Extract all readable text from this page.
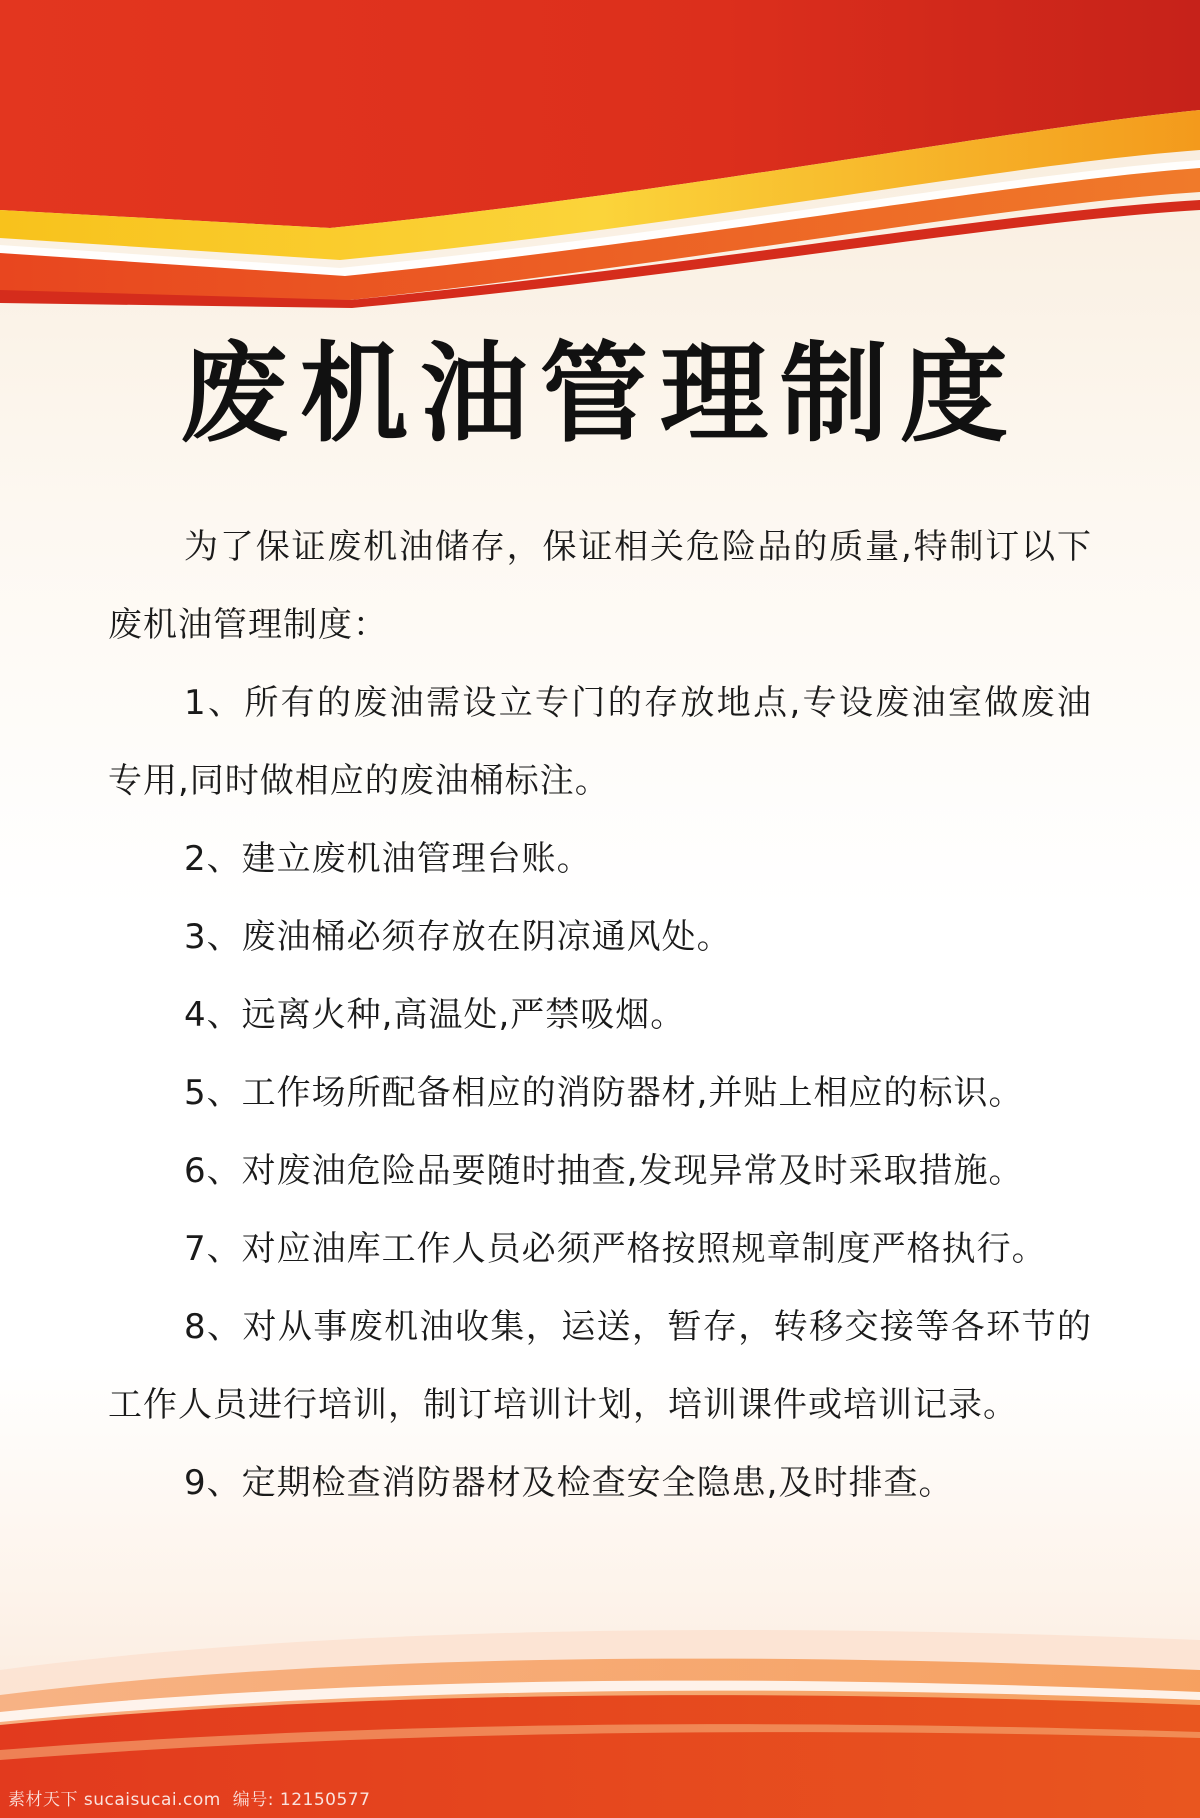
废机油管理制度

为了保证废机油储存，保证相关危险品的质量,特制订以下废机油管理制度：

1、所有的废油需设立专门的存放地点,专设废油室做废油专用,同时做相应的废油桶标注。

2、建立废机油管理台账。

3、废油桶必须存放在阴凉通风处。

4、远离火种,高温处,严禁吸烟。

5、工作场所配备相应的消防器材,并贴上相应的标识。

6、对废油危险品要随时抽查,发现异常及时采取措施。

7、对应油库工作人员必须严格按照规章制度严格执行。

8、对从事废机油收集，运送，暂存，转移交接等各环节的工作人员进行培训，制订培训计划，培训课件或培训记录。

9、定期检查消防器材及检查安全隐患,及时排查。

素材天下 sucaisucai.com 编号: 12150577
